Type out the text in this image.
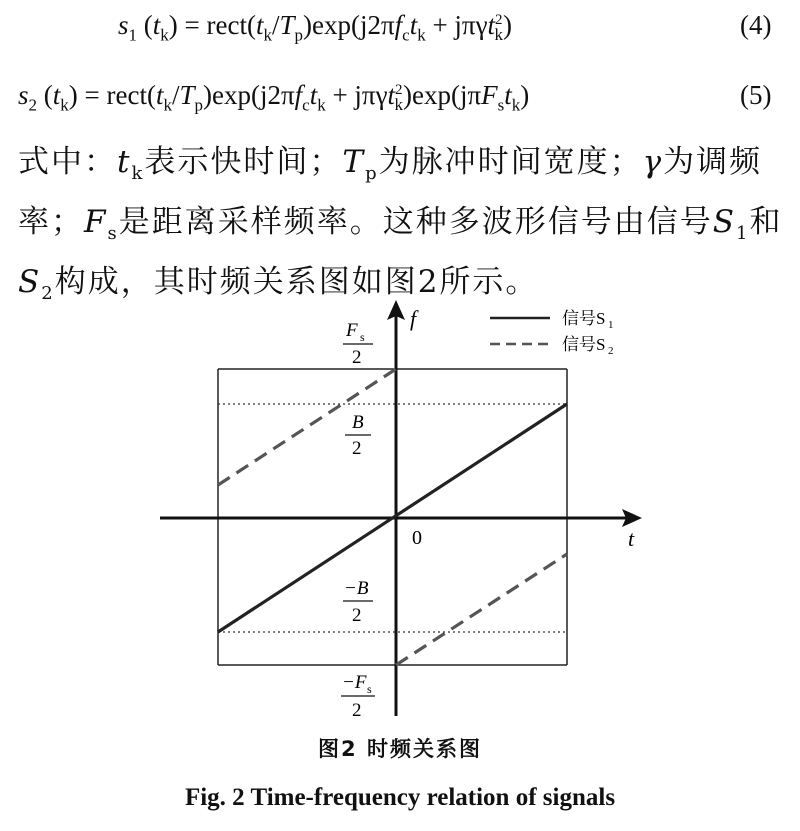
$s_1$ $(t_k)$ = $rect(t_k/T_p)\exp(j2\pi f_ct_k + j\pi\gamma t^2_k)$	(4)
$s_2$ $(t_k)$ = $rect(t_k/T_p)\exp(j2\pi f_ct_k + j\pi\gamma t^2_k)\exp(j\pi F_st_k)$	(5)
式中：$t_k$表示快时间；$T_p$为脉冲时间宽度；γ为调频率；$F_s$是距离采样频率。这种多波形信号由信号$S_1$和$S_2$构成，其时频关系图如图2所示。
f
t
0
F s
2
B
2
−B
2
−F s
2
信号S 1
信号S 2
图2 时频关系图
Fig. 2 Time-frequency relation of signals
